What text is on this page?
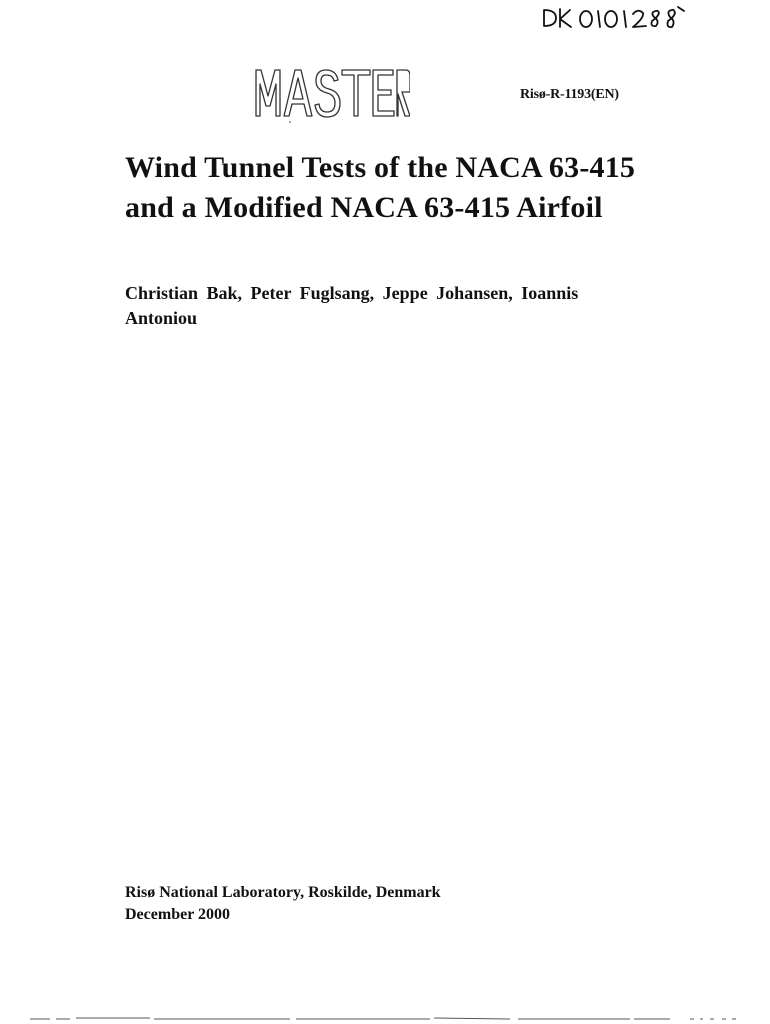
Risø-R-1193(EN)
Wind Tunnel Tests of the NACA 63-415
and a Modified NACA 63-415 Airfoil

Christian Bak, Peter Fuglsang, Jeppe Johansen, Ioannis
Antoniou

Risø National Laboratory, Roskilde, Denmark
December 2000
